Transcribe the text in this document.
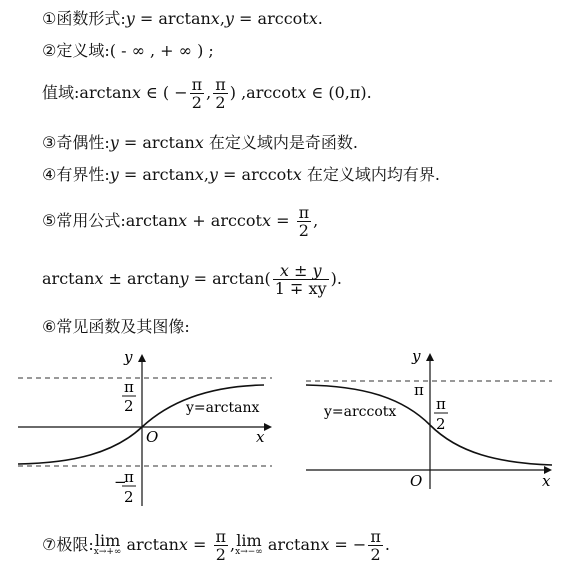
①函数形式:y = arctanx,y = arccotx.
②定义域:( - ∞ , + ∞ ) ;
值域:arctanx ∈ ( − $\frac{\pi}{2}$ , $\frac{\pi}{2}$ ) ,arccotx ∈ (0,π).
③奇偶性:y = arctanx 在定义域内是奇函数.
④有界性:y = arctanx,y = arccotx 在定义域内均有界.
⑤常用公式:arctanx + $arccotx = \frac{\pi}{2}$ ,
$\arctan x \pm \arctan y = \arctan( \frac{x \pm y}{1 \mp xy}$ ).
⑥常见函数及其图像:
y
x
O
π
2
−
π
2
y=arctanx
y
x
O
π
π
2
y=arccotx
⑦极限:lim
x→+∞ $\arctan x = \frac{\pi}{2} ,\lim$
x→−∞ arctanx = − $\frac{\pi}{2}$ .
